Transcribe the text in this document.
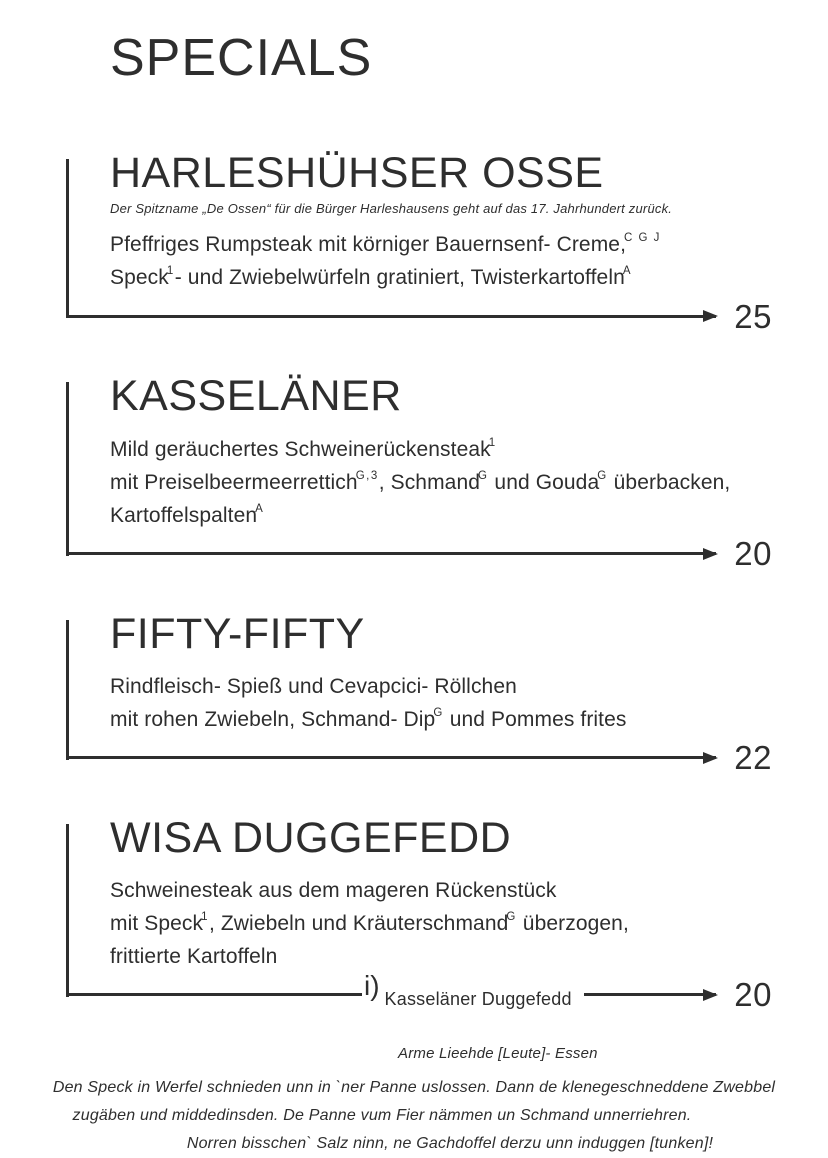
SPECIALS
HARLESHÜHSER OSSE

Der Spitzname „De Ossen“ für die Bürger Harleshausens geht auf das 17. Jahrhundert zurück.

Pfeffriges Rumpsteak mit körniger Bauernsenf- Creme,$^{C G J}$
Speck$^1$- und Zwiebelwürfeln gratiniert, Twisterkartoffeln$^A$
25
KASSELÄNER
Mild geräuchertes Schweinerückensteak$^1$
mit Preiselbeermeerrettich$^{G,3}$, Schmand$^G$ und Gouda$^G$ überbacken,
Kartoffelspalten$^A$
20
FIFTY-FIFTY
Rindfleisch- Spieß und Cevapcici- Röllchen
mit rohen Zwiebeln, Schmand- Dip$^G$ und Pommes frites
22
WISA DUGGEFEDD
Schweinesteak aus dem mageren Rückenstück
mit Speck$^1$, Zwiebeln und Kräuterschmand$^G$ überzogen,
frittierte Kartoffeln
i) Kasseläner Duggefedd	20
Arme Lieehde [Leute]- Essen
Den Speck in Werfel schnieden unn in `ner Panne uslossen. Dann de klenegeschneddene Zwebbel
zugäben und middedinsden. De Panne vum Fier nämmen un Schmand unnerriehren.
Norren bisschen` Salz ninn, ne Gachdoffel derzu unn induggen [tunken]!
